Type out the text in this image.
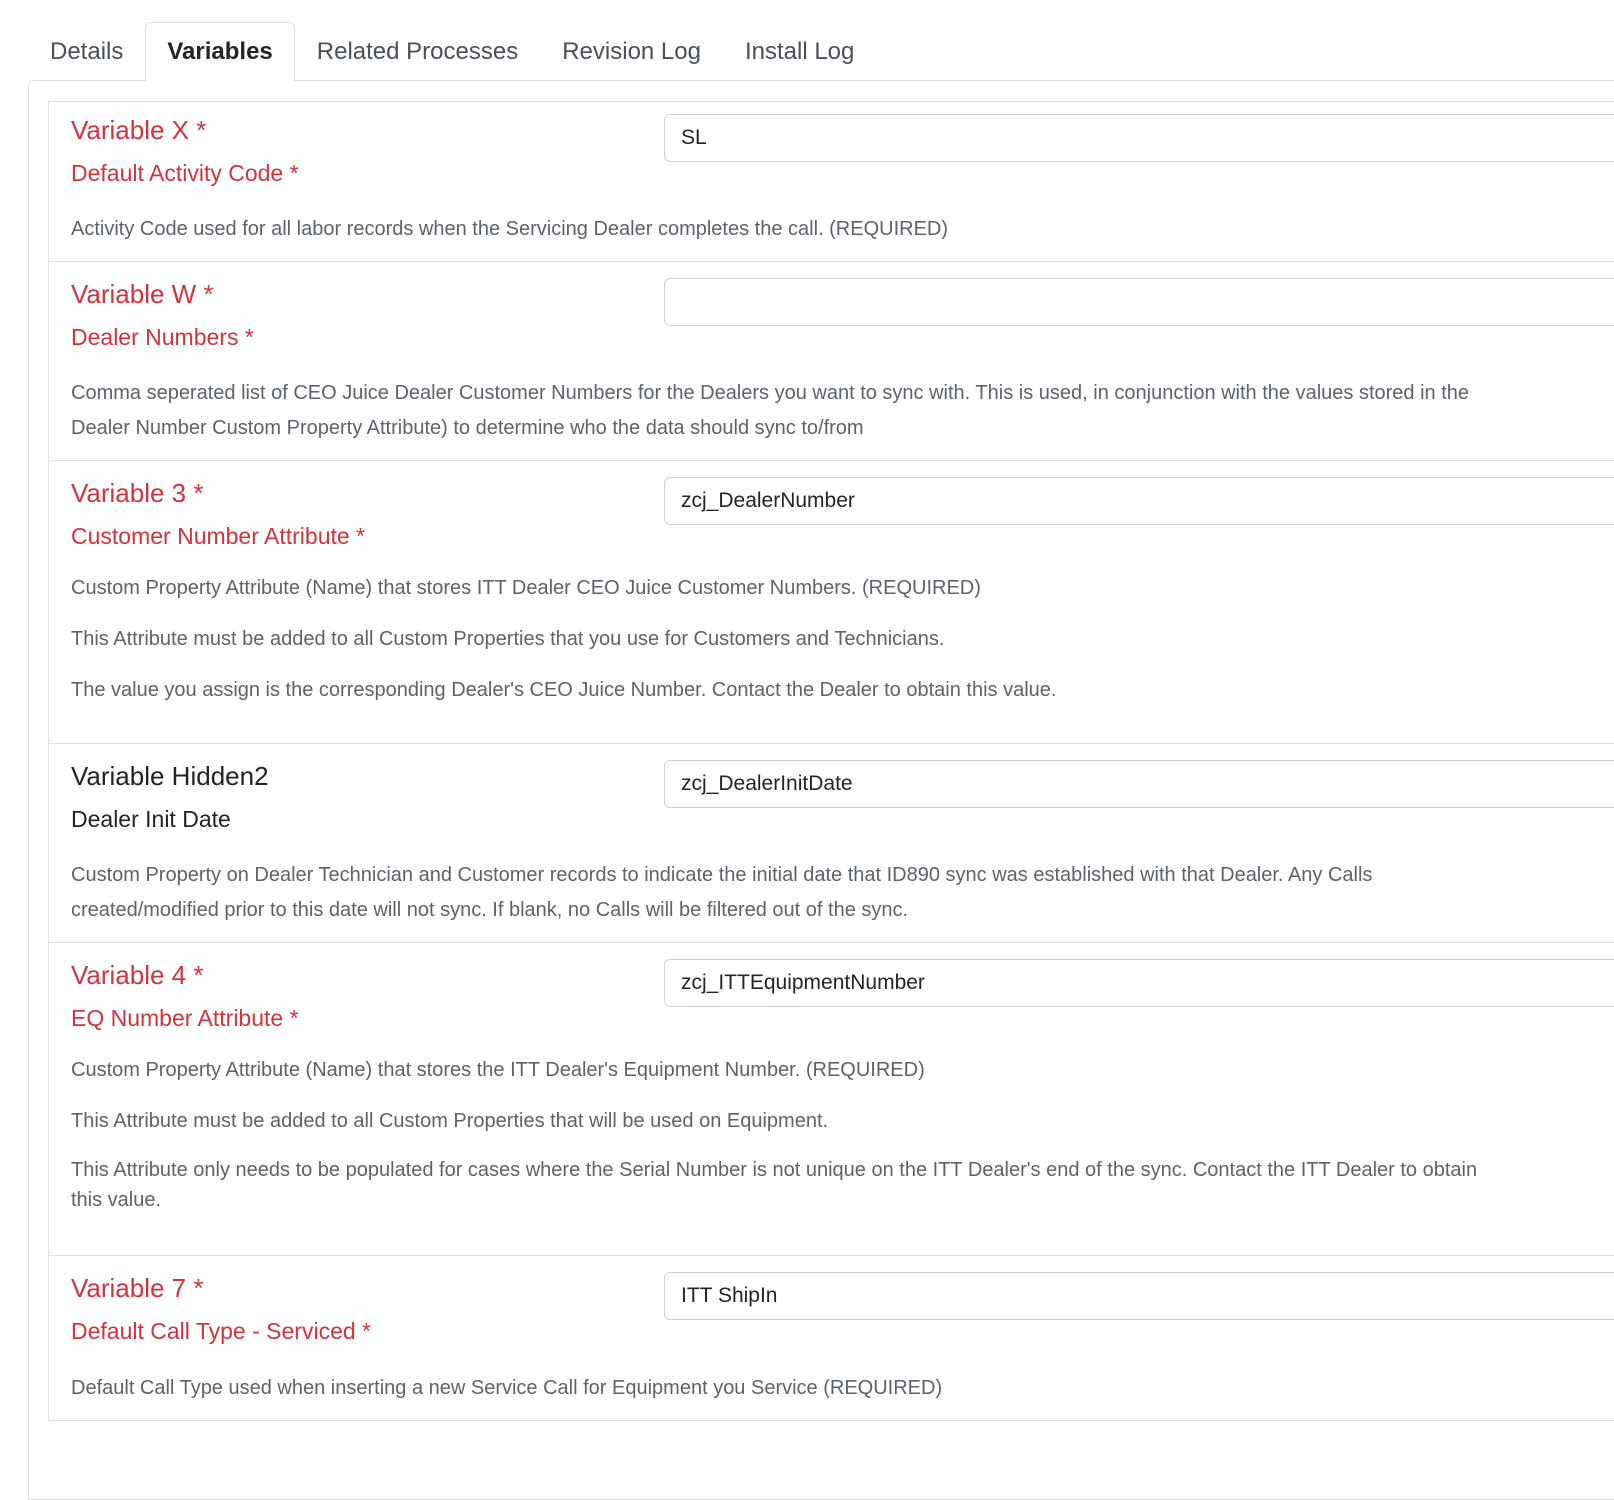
Details	Variables	Related Processes	Revision Log	Install Log
Variable X *
Default Activity Code *
SL

Activity Code used for all labor records when the Servicing Dealer completes the call. (REQUIRED)

Variable W *
Dealer Numbers *

Comma seperated list of CEO Juice Dealer Customer Numbers for the Dealers you want to sync with. This is used, in conjunction with the values stored in the Dealer Number Custom Property Attribute) to determine who the data should sync to/from

Variable 3 *
Customer Number Attribute *
zcj_DealerNumber

Custom Property Attribute (Name) that stores ITT Dealer CEO Juice Customer Numbers. (REQUIRED)

This Attribute must be added to all Custom Properties that you use for Customers and Technicians.

The value you assign is the corresponding Dealer's CEO Juice Number. Contact the Dealer to obtain this value.

Variable Hidden2
Dealer Init Date
zcj_DealerInitDate

Custom Property on Dealer Technician and Customer records to indicate the initial date that ID890 sync was established with that Dealer. Any Calls created/modified prior to this date will not sync. If blank, no Calls will be filtered out of the sync.

Variable 4 *
EQ Number Attribute *
zcj_ITTEquipmentNumber

Custom Property Attribute (Name) that stores the ITT Dealer's Equipment Number. (REQUIRED)

This Attribute must be added to all Custom Properties that will be used on Equipment.

This Attribute only needs to be populated for cases where the Serial Number is not unique on the ITT Dealer's end of the sync. Contact the ITT Dealer to obtain this value.

Variable 7 *
Default Call Type - Serviced *
ITT ShipIn

Default Call Type used when inserting a new Service Call for Equipment you Service (REQUIRED)
